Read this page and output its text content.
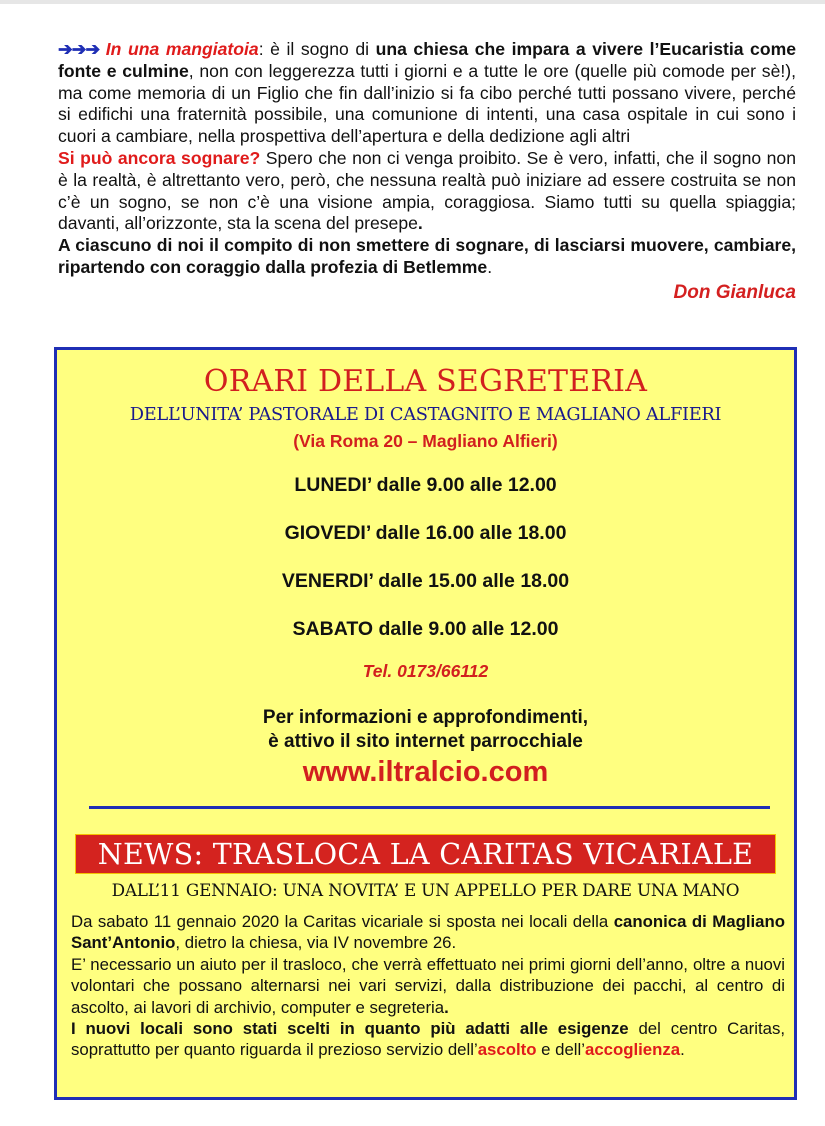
➔➔➔ In una mangiatoia: è il sogno di una chiesa che impara a vivere l’Eucaristia come fonte e culmine, non con leggerezza tutti i giorni e a tutte le ore (quelle più comode per sè!), ma come memoria di un Figlio che fin dall’inizio si fa cibo perché tutti possano vivere, perché si edifichi una fraternità possibile, una comunione di intenti, una casa ospitale in cui sono i cuori a cambiare, nella prospettiva dell’apertura e della dedizione agli altri

Si può ancora sognare? Spero che non ci venga proibito. Se è vero, infatti, che il sogno non è la realtà, è altrettanto vero, però, che nessuna realtà può iniziare ad essere costruita se non c’è un sogno, se non c’è una visione ampia, coraggiosa. Siamo tutti su quella spiaggia; davanti, all’orizzonte, sta la scena del presepe.

A ciascuno di noi il compito di non smettere di sognare, di lasciarsi muovere, cambiare, ripartendo con coraggio dalla profezia di Betlemme.

Don Gianluca
ORARI DELLA SEGRETERIA
DELL’UNITA’ PASTORALE DI CASTAGNITO E MAGLIANO ALFIERI
(Via Roma 20 – Magliano Alfieri)
LUNEDI’ dalle 9.00 alle 12.00
GIOVEDI’ dalle 16.00 alle 18.00
VENERDI’ dalle 15.00 alle 18.00
SABATO dalle 9.00 alle 12.00
Tel. 0173/66112
Per informazioni e approfondimenti,
è attivo il sito internet parrocchiale
www.iltralcio.com
NEWS: TRASLOCA LA CARITAS VICARIALE
DALL’11 GENNAIO: UNA NOVITA’ E UN APPELLO PER DARE UNA MANO

Da sabato 11 gennaio 2020 la Caritas vicariale si sposta nei locali della canonica di Magliano Sant’Antonio, dietro la chiesa, via IV novembre 26.

E’ necessario un aiuto per il trasloco, che verrà effettuato nei primi giorni dell’anno, oltre a nuovi volontari che possano alternarsi nei vari servizi, dalla distribuzione dei pacchi, al centro di ascolto, ai lavori di archivio, computer e segreteria.

I nuovi locali sono stati scelti in quanto più adatti alle esigenze del centro Caritas, soprattutto per quanto riguarda il prezioso servizio dell’ascolto e dell’accoglienza.
